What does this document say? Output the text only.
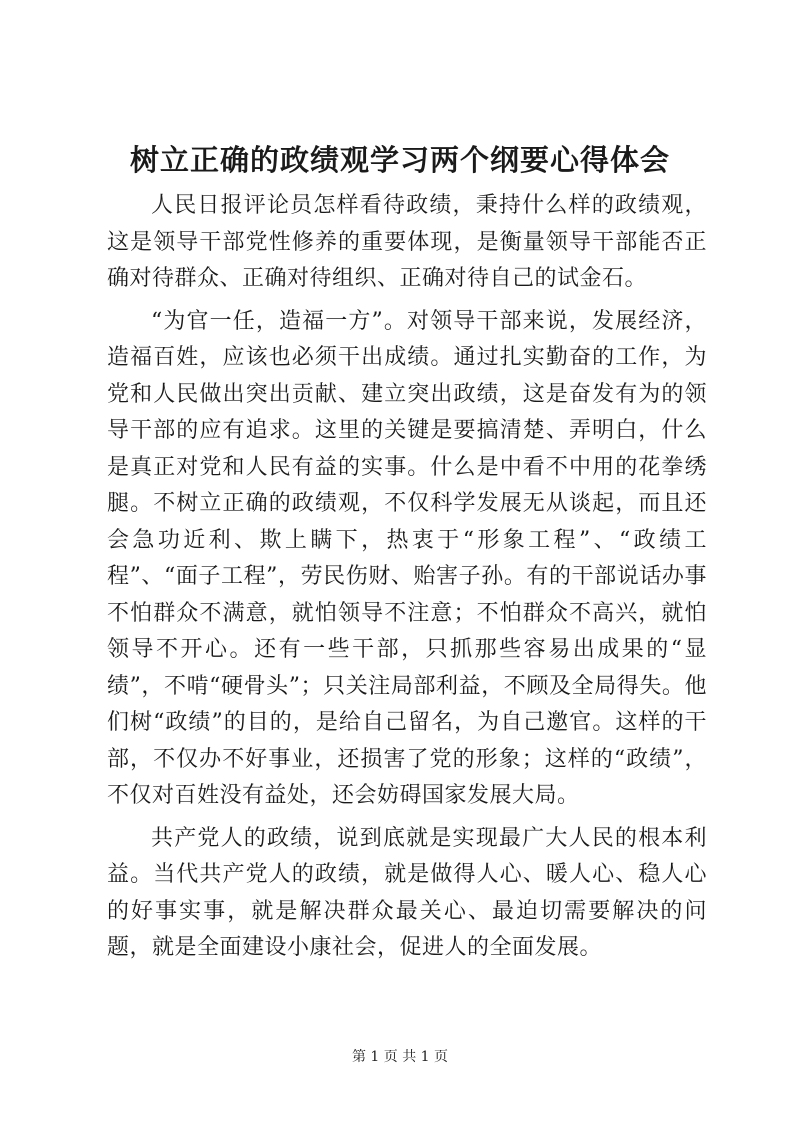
树立正确的政绩观学习两个纲要心得体会

人民日报评论员怎样看待政绩，秉持什么样的政绩观，这是领导干部党性修养的重要体现，是衡量领导干部能否正确对待群众、正确对待组织、正确对待自己的试金石。

“为官一任，造福一方”。对领导干部来说，发展经济，造福百姓，应该也必须干出成绩。通过扎实勤奋的工作，为党和人民做出突出贡献、建立突出政绩，这是奋发有为的领导干部的应有追求。这里的关键是要搞清楚、弄明白，什么是真正对党和人民有益的实事。什么是中看不中用的花拳绣腿。不树立正确的政绩观，不仅科学发展无从谈起，而且还会急功近利、欺上瞒下，热衷于“形象工程”、“政绩工程”、“面子工程”，劳民伤财、贻害子孙。有的干部说话办事不怕群众不满意，就怕领导不注意；不怕群众不高兴，就怕领导不开心。还有一些干部，只抓那些容易出成果的“显绩”，不啃“硬骨头”；只关注局部利益，不顾及全局得失。他们树“政绩”的目的，是给自己留名，为自己邀官。这样的干部，不仅办不好事业，还损害了党的形象；这样的“政绩”，不仅对百姓没有益处，还会妨碍国家发展大局。

共产党人的政绩，说到底就是实现最广大人民的根本利益。当代共产党人的政绩，就是做得人心、暖人心、稳人心的好事实事，就是解决群众最关心、最迫切需要解决的问题，就是全面建设小康社会，促进人的全面发展。

第 1 页 共 1 页
